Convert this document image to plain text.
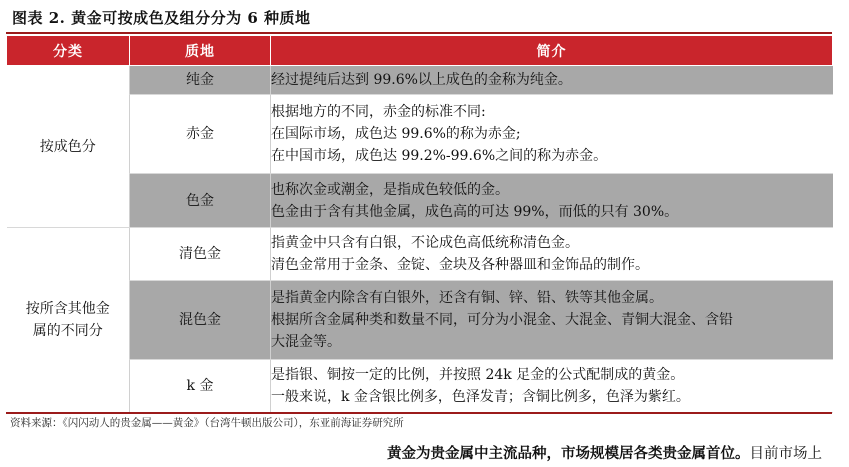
图表 2. 黄金可按成色及组分分为 6 种质地
分类	质地	简介

按成色分	纯金	经过提纯后达到 99.6%以上成色的金称为纯金。

	赤金	根据地方的不同，赤金的标准不同:
在国际市场，成色达 99.6%的称为赤金;
在中国市场，成色达 99.2%-99.6%之间的称为赤金。

	色金	也称次金或潮金，是指成色较低的金。
色金由于含有其他金属，成色高的可达 99%，而低的只有 30%。

按所含其他金
属的不同分	清色金	指黄金中只含有白银，不论成色高低统称清色金。
清色金常用于金条、金锭、金块及各种器皿和金饰品的制作。

	混色金	是指黄金内除含有白银外，还含有铜、锌、铅、铁等其他金属。
根据所含金属种类和数量不同，可分为小混金、大混金、青铜大混金、含铅
大混金等。

	k 金	是指银、铜按一定的比例，并按照 24k 足金的公式配制成的黄金。
一般来说，k 金含银比例多，色泽发青；含铜比例多，色泽为紫红。
资料来源：《闪闪动人的贵金属——黄金》（台湾牛顿出版公司），东亚前海证券研究所
黄金为贵金属中主流品种，市场规模居各类贵金属首位。目前市场上
